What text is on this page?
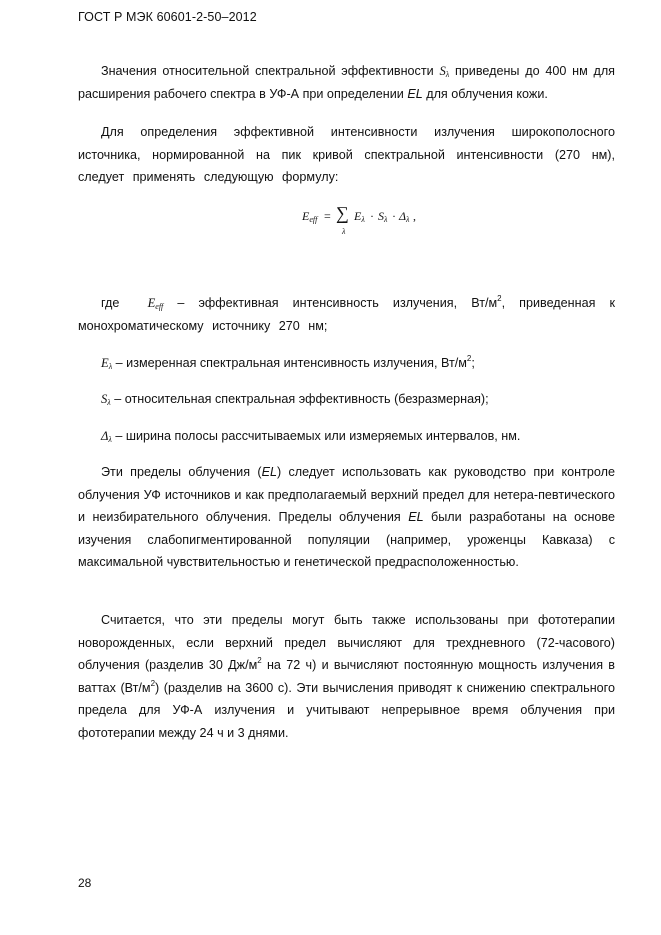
ГОСТ Р МЭК 60601-2-50–2012

Значения относительной спектральной эффективности $S_\lambda$ приведены до 400 нм для расширения рабочего спектра в УФ-А при определении EL для облучения кожи.

Для определения эффективной интенсивности излучения широкополосного источника, нормированной на пик кривой спектральной интенсивности (270 нм), следует применять следующую формулу:

$E_{eff}$ = ∑
λ
$E_\lambda \cdot S_\lambda \cdot \Delta_\lambda$ ,

где $E_{eff}$ – эффективная интенсивность излучения, $Вт/м^2$, приведенная к монохроматическому источнику 270 нм;

$E_\lambda$ – измеренная спектральная интенсивность излучения, $Вт/м^2$;

$S_\lambda$ – относительная спектральная эффективность (безразмерная);

$\Delta_\lambda$ – ширина полосы рассчитываемых или измеряемых интервалов, нм.

Эти пределы облучения (EL) следует использовать как руководство при контроле облучения УФ источников и как предполагаемый верхний предел для нетера-певтического и неизбирательного облучения. Пределы облучения EL были разработаны на основе изучения слабопигментированной популяции (например, уроженцы Кавказа) с максимальной чувствительностью и генетической предрасположенностью.

Считается, что эти пределы могут быть также использованы при фототерапии новорожденных, если верхний предел вычисляют для трехдневного (72-часового) облучения (разделив 30 $Дж/м^2$ на 72 ч) и вычисляют постоянную мощность излучения в ваттах $(Вт/м^2)$ (разделив на 3600 с). Эти вычисления приводят к снижению спектрального предела для УФ-А излучения и учитывают непрерывное время облучения при фототерапии между 24 ч и 3 днями.

28
